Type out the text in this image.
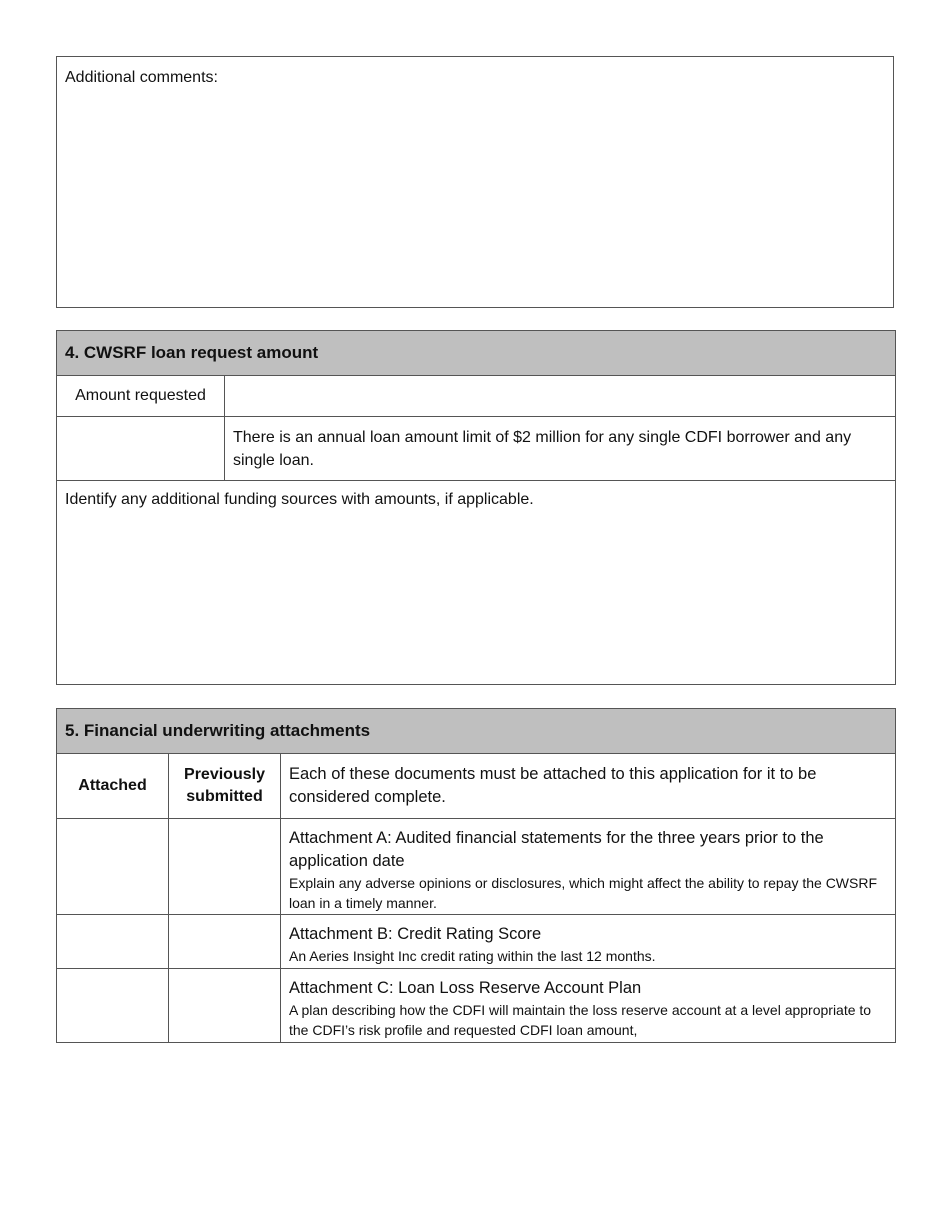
Additional comments:
4. CWSRF loan request amount	
Amount requested	
	There is an annual loan amount limit of $2 million for any single CDFI borrower and any single loan.
Identify any additional funding sources with amounts, if applicable.	
5. Financial underwriting attachments		
Attached	Previously submitted	Each of these documents must be attached to this application for it to be considered complete.

		Attachment A: Audited financial statements for the three years prior to the application date
Explain any adverse opinions or disclosures, which might affect the ability to repay the CWSRF loan in a timely manner.

		Attachment B: Credit Rating Score
An Aeries Insight Inc credit rating within the last 12 months.

		Attachment C: Loan Loss Reserve Account Plan
A plan describing how the CDFI will maintain the loss reserve account at a level appropriate to the CDFI’s risk profile and requested CDFI loan amount,
